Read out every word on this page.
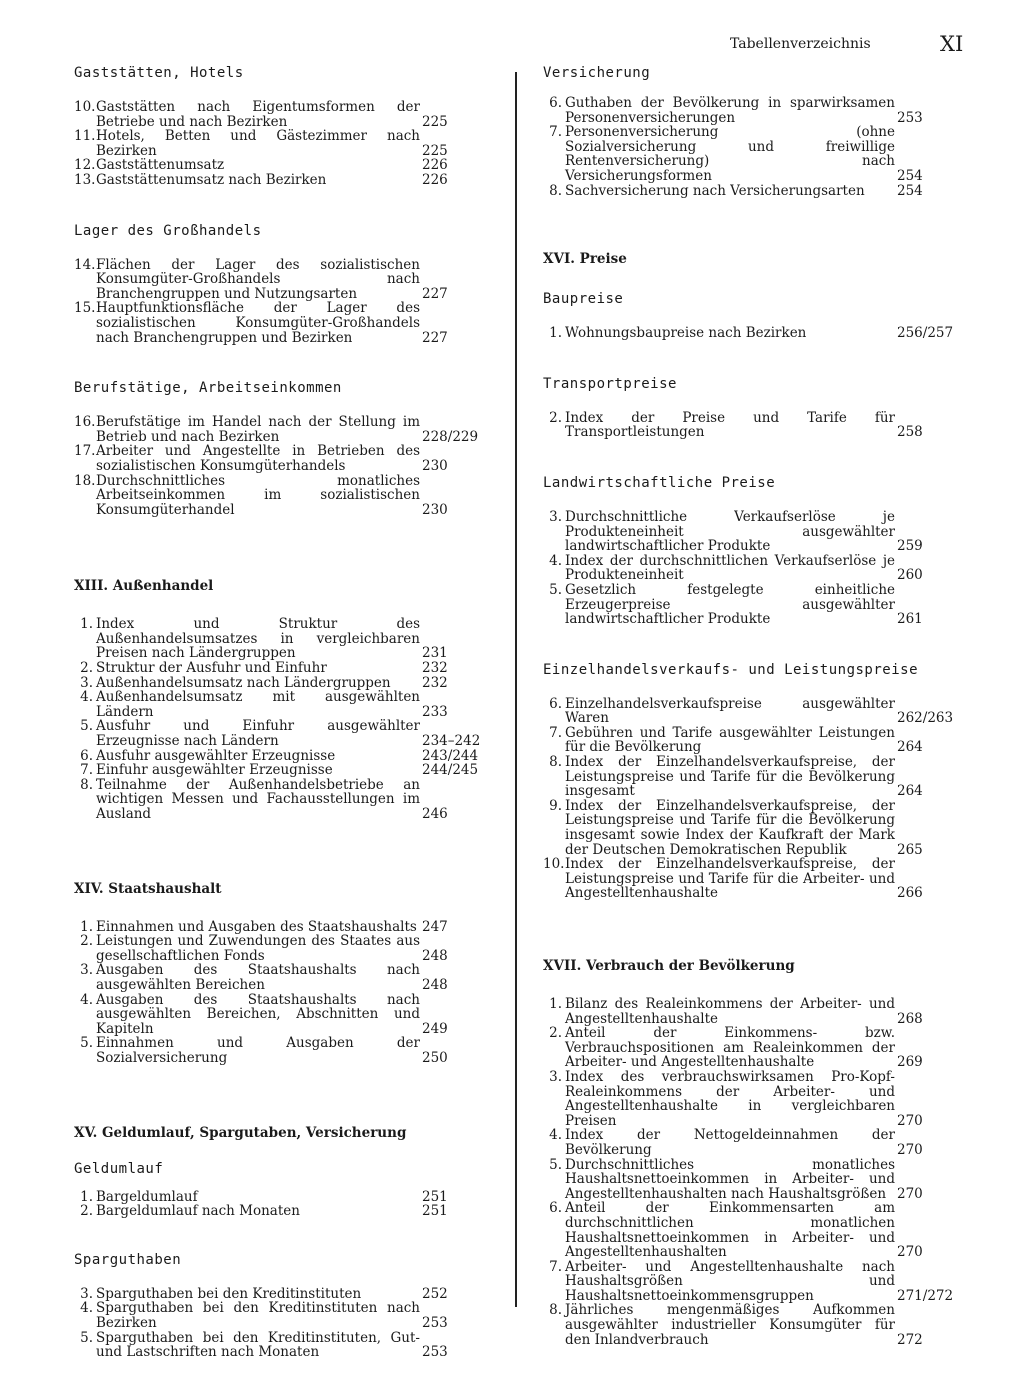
Tabellenverzeichnis	XI
Gaststätten, Hotels
10. Gaststätten nach Eigentumsformen der Betriebe und nach Bezirken	225
11. Hotels, Betten und Gästezimmer nach Bezirken	225
12. Gaststättenumsatz	226
13. Gaststättenumsatz nach Bezirken	226
Lager des Großhandels
14. Flächen der Lager des sozialistischen Konsumgüter-Großhandels nach Branchengruppen und Nutzungsarten	227
15. Hauptfunktionsfläche der Lager des sozialistischen Konsumgüter-Großhandels nach Branchengruppen und Bezirken	227
Berufstätige, Arbeitseinkommen
16. Berufstätige im Handel nach der Stellung im Betrieb und nach Bezirken	228/229
17. Arbeiter und Angestellte in Betrieben des sozialistischen Konsumgüterhandels	230
18. Durchschnittliches monatliches Arbeitseinkommen im sozialistischen Konsumgüterhandel	230
XIII. Außenhandel
1. Index und Struktur des Außenhandelsumsatzes in vergleichbaren Preisen nach Ländergruppen	231
2. Struktur der Ausfuhr und Einfuhr	232
3. Außenhandelsumsatz nach Ländergruppen	232
4. Außenhandelsumsatz mit ausgewählten Ländern	233
5. Ausfuhr und Einfuhr ausgewählter Erzeugnisse nach Ländern	234–242
6. Ausfuhr ausgewählter Erzeugnisse	243/244
7. Einfuhr ausgewählter Erzeugnisse	244/245
8. Teilnahme der Außenhandelsbetriebe an wichtigen Messen und Fachausstellungen im Ausland	246
XIV. Staatshaushalt
1. Einnahmen und Ausgaben des Staatshaushalts 247
2. Leistungen und Zuwendungen des Staates aus gesellschaftlichen Fonds	248
3. Ausgaben des Staatshaushalts nach ausgewählten Bereichen	248
4. Ausgaben des Staatshaushalts nach ausgewählten Bereichen, Abschnitten und Kapiteln	249
5. Einnahmen und Ausgaben der Sozialversicherung	250
XV. Geldumlauf, Spargutaben, Versicherung
Geldumlauf
1. Bargeldumlauf	251
2. Bargeldumlauf nach Monaten	251
Sparguthaben
3. Sparguthaben bei den Kreditinstituten	252
4. Sparguthaben bei den Kreditinstituten nach Bezirken	253
5. Sparguthaben bei den Kreditinstituten, Gut- und Lastschriften nach Monaten	253
Versicherung
6. Guthaben der Bevölkerung in sparwirksamen Personenversicherungen	253
7. Personenversicherung (ohne Sozialversicherung und freiwillige Rentenversicherung) nach Versicherungsformen	254
8. Sachversicherung nach Versicherungsarten	254
XVI. Preise
Baupreise
1. Wohnungsbaupreise nach Bezirken	256/257
Transportpreise
2. Index der Preise und Tarife für Transportleistungen	258
Landwirtschaftliche Preise
3. Durchschnittliche Verkaufserlöse je Produkteneinheit ausgewählter landwirtschaftlicher Produkte	259
4. Index der durchschnittlichen Verkaufserlöse je Produkteneinheit	260
5. Gesetzlich festgelegte einheitliche Erzeugerpreise ausgewählter landwirtschaftlicher Produkte	261
Einzelhandelsverkaufs- und Leistungspreise
6. Einzelhandelsverkaufspreise ausgewählter Waren	262/263
7. Gebühren und Tarife ausgewählter Leistungen für die Bevölkerung	264
8. Index der Einzelhandelsverkaufspreise, der Leistungspreise und Tarife für die Bevölkerung insgesamt	264
9. Index der Einzelhandelsverkaufspreise, der Leistungspreise und Tarife für die Bevölkerung insgesamt sowie Index der Kaufkraft der Mark der Deutschen Demokratischen Republik	265
10. Index der Einzelhandelsverkaufspreise, der Leistungspreise und Tarife für die Arbeiter- und Angestelltenhaushalte	266
XVII. Verbrauch der Bevölkerung
1. Bilanz des Realeinkommens der Arbeiter- und Angestelltenhaushalte	268
2. Anteil der Einkommens- bzw. Verbrauchspositionen am Realeinkommen der Arbeiter- und Angestelltenhaushalte	269
3. Index des verbrauchswirksamen Pro-Kopf-Realeinkommens der Arbeiter- und Angestelltenhaushalte in vergleichbaren Preisen	270
4. Index der Nettogeldeinnahmen der Bevölkerung	270
5. Durchschnittliches monatliches Haushaltsnettoeinkommen in Arbeiter- und Angestelltenhaushalten nach Haushaltsgrößen 270
6. Anteil der Einkommensarten am durchschnittlichen monatlichen Haushaltsnettoeinkommen in Arbeiter- und Angestelltenhaushalten	270
7. Arbeiter- und Angestelltenhaushalte nach Haushaltsgrößen und Haushaltsnettoeinkommensgruppen	271/272
8. Jährliches mengenmäßiges Aufkommen ausgewählter industrieller Konsumgüter für den Inlandverbrauch	272
